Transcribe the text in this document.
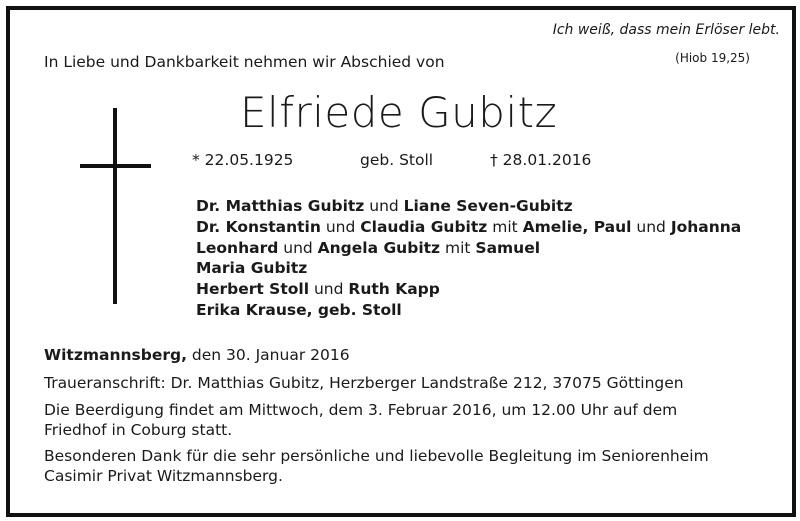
Ich weiß, dass mein Erlöser lebt.
(Hiob 19,25)
In Liebe und Dankbarkeit nehmen wir Abschied von
Elfriede Gubitz
* 22.05.1925	geb. Stoll	† 28.01.2016
Dr. Matthias Gubitz und Liane Seven-Gubitz
Dr. Konstantin und Claudia Gubitz mit Amelie, Paul und Johanna
Leonhard und Angela Gubitz mit Samuel
Maria Gubitz
Herbert Stoll und Ruth Kapp
Erika Krause, geb. Stoll
Witzmannsberg, den 30. Januar 2016
Traueranschrift: Dr. Matthias Gubitz, Herzberger Landstraße 212, 37075 Göttingen
Die Beerdigung findet am Mittwoch, dem 3. Februar 2016, um 12.00 Uhr auf dem
Friedhof in Coburg statt.
Besonderen Dank für die sehr persönliche und liebevolle Begleitung im Seniorenheim
Casimir Privat Witzmannsberg.
